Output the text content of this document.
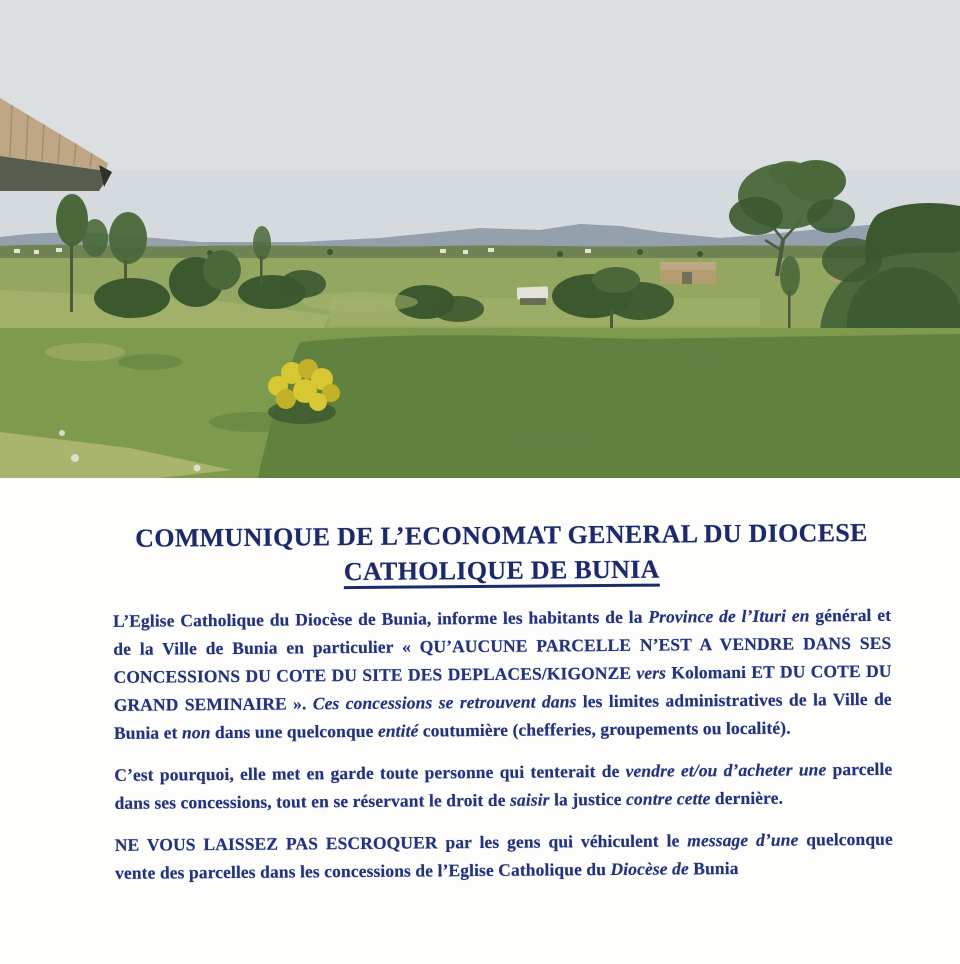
COMMUNIQUE DE L’ECONOMAT GENERAL DU DIOCESE
CATHOLIQUE DE BUNIA

L’Eglise Catholique du Diocèse de Bunia, informe les habitants de la Province de l’Ituri en général et de la Ville de Bunia en particulier « QU’AUCUNE PARCELLE N’EST A VENDRE DANS SES CONCESSIONS DU COTE DU SITE DES DEPLACES/KIGONZE vers Kolomani ET DU COTE DU GRAND SEMINAIRE ». Ces concessions se retrouvent dans les limites administratives de la Ville de Bunia et non dans une quelconque entité coutumière (chefferies, groupements ou localité).

C’est pourquoi, elle met en garde toute personne qui tenterait de vendre et/ou d’acheter une parcelle dans ses concessions, tout en se réservant le droit de saisir la justice contre cette dernière.

NE VOUS LAISSEZ PAS ESCROQUER par les gens qui véhiculent le message d’une quelconque vente des parcelles dans les concessions de l’Eglise Catholique du Diocèse de Bunia
